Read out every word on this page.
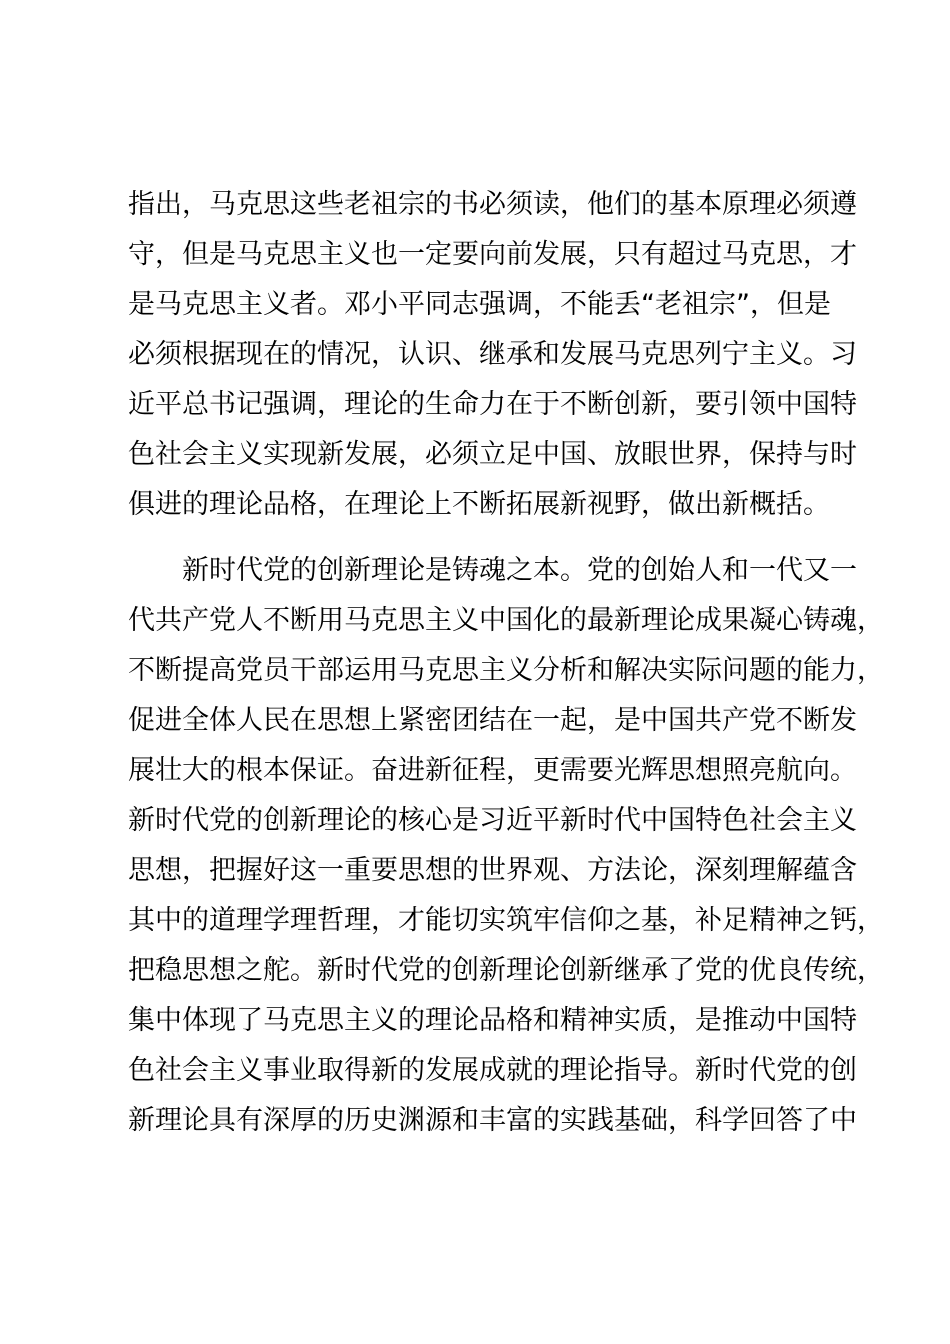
指出，马克思这些老祖宗的书必须读，他们的基本原理必须遵
守，但是马克思主义也一定要向前发展，只有超过马克思，才
是马克思主义者。邓小平同志强调，不能丢“老祖宗”，但是
必须根据现在的情况，认识、继承和发展马克思列宁主义。习
近平总书记强调，理论的生命力在于不断创新，要引领中国特
色社会主义实现新发展，必须立足中国、放眼世界，保持与时
俱进的理论品格，在理论上不断拓展新视野，做出新概括。
　　新时代党的创新理论是铸魂之本。党的创始人和一代又一
代共产党人不断用马克思主义中国化的最新理论成果凝心铸魂，
不断提高党员干部运用马克思主义分析和解决实际问题的能力，
促进全体人民在思想上紧密团结在一起，是中国共产党不断发
展壮大的根本保证。奋进新征程，更需要光辉思想照亮航向。
新时代党的创新理论的核心是习近平新时代中国特色社会主义
思想，把握好这一重要思想的世界观、方法论，深刻理解蕴含
其中的道理学理哲理，才能切实筑牢信仰之基，补足精神之钙，
把稳思想之舵。新时代党的创新理论创新继承了党的优良传统，
集中体现了马克思主义的理论品格和精神实质，是推动中国特
色社会主义事业取得新的发展成就的理论指导。新时代党的创
新理论具有深厚的历史渊源和丰富的实践基础，科学回答了中
